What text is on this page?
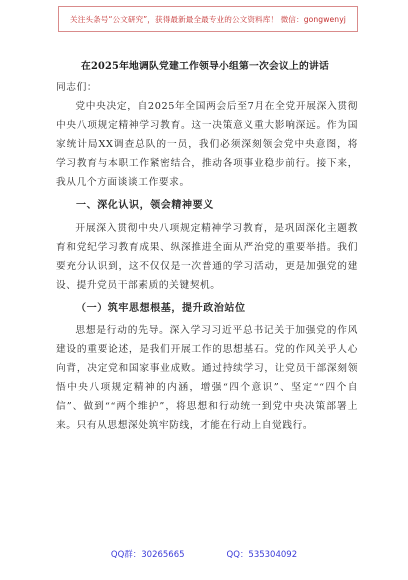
关注头条号“公文研究”，获得最新最全最专业的公文资料库！ 微信：gongwenyj
在2025年地调队党建工作领导小组第一次会议上的讲话

同志们：

党中央决定，自2025年全国两会后至7月在全党开展深入贯彻中央八项规定精神学习教育。这一决策意义重大影响深远。作为国家统计局XX调查总队的一员，我们必须深刻领会党中央意图，将学习教育与本职工作紧密结合，推动各项事业稳步前行。接下来，我从几个方面谈谈工作要求。

一、深化认识，领会精神要义

开展深入贯彻中央八项规定精神学习教育，是巩固深化主题教育和党纪学习教育成果、纵深推进全面从严治党的重要举措。我们要充分认识到，这不仅仅是一次普通的学习活动，更是加强党的建设、提升党员干部素质的关键契机。

（一）筑牢思想根基，提升政治站位

思想是行动的先导。深入学习习近平总书记关于加强党的作风建设的重要论述，是我们开展工作的思想基石。党的作风关乎人心向背，决定党和国家事业成败。通过持续学习，让党员干部深刻领悟中央八项规定精神的内涵，增强“四个意识”、坚定““四个自信”、做到““两个维护”，将思想和行动统一到党中央决策部署上来。只有从思想深处筑牢防线，才能在行动上自觉践行。

QQ群：30265665	QQ：535304092
